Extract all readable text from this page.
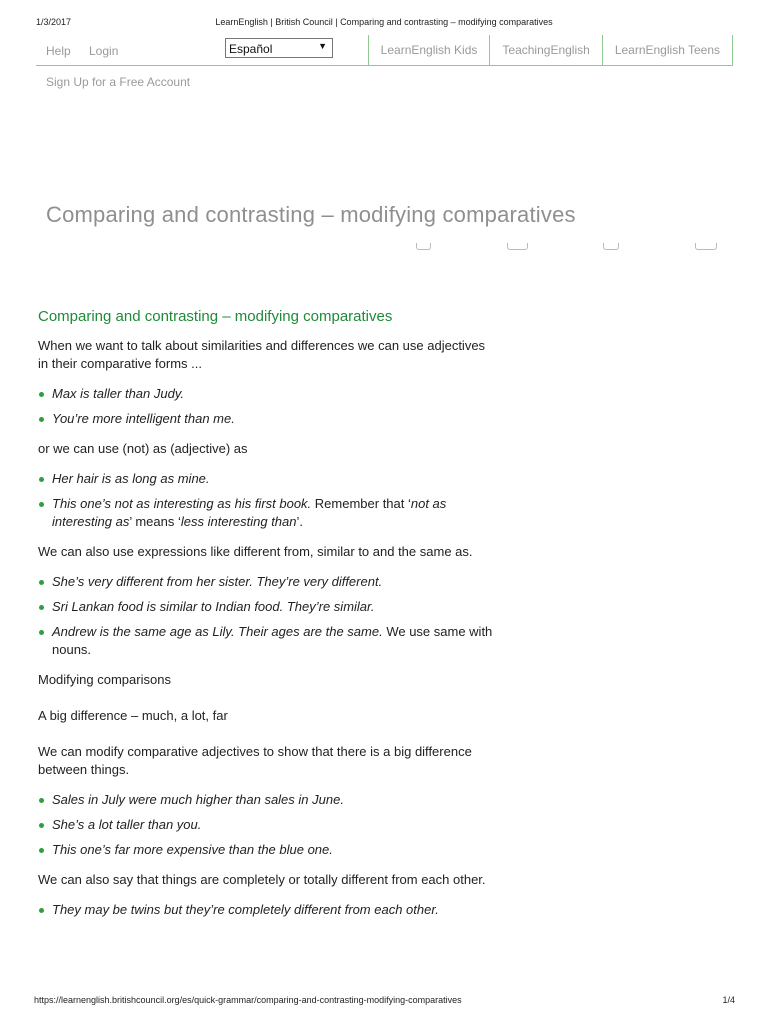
1/3/2017	LearnEnglish | British Council | Comparing and contrasting – modifying comparatives
Help Login	Español	▼	LearnEnglish Kids	TeachingEnglish	LearnEnglish Teens
Sign Up for a Free Account
Comparing and contrasting – modifying comparatives
Comparing and contrasting – modifying comparatives

When we want to talk about similarities and differences we can use adjectives in their comparative forms ...

Max is taller than Judy.
You’re more intelligent than me.

or we can use (not) as (adjective) as

Her hair is as long as mine.
This one’s not as interesting as his first book. Remember that ‘not as interesting as’ means ‘less interesting than’.

We can also use expressions like different from, similar to and the same as.

She’s very different from her sister. They’re very different.
Sri Lankan food is similar to Indian food. They’re similar.
Andrew is the same age as Lily. Their ages are the same. We use same with nouns.

Modifying comparisons

A big difference – much, a lot, far

We can modify comparative adjectives to show that there is a big difference between things.

Sales in July were much higher than sales in June.
She’s a lot taller than you.
This one’s far more expensive than the blue one.

We can also say that things are completely or totally different from each other.

They may be twins but they’re completely different from each other.
https://learnenglish.britishcouncil.org/es/quick-grammar/comparing-and-contrasting-modifying-comparatives	1/4
